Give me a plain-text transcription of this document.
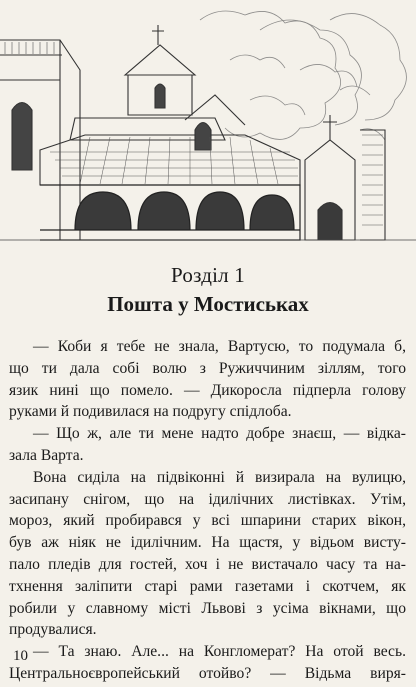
Розділ 1
Пошта у Мостиськах
— Коби я тебе не знала, Вартусю, то подумала б,
що ти дала собі волю з Ружиччиним зіллям, того
язик нині що помело. — Дикоросла підперла голову
руками й подивилася на подругу спідлоба.
— Що ж, але ти мене надто добре знаєш, — відка-
зала Варта.
Вона сиділа на підвіконні й визирала на вулицю,
засипану снігом, що на ідилічних листівках. Утім,
мороз, який пробирався у всі шпарини старих вікон,
був аж ніяк не ідилічним. На щастя, у відьом висту-
пало пледів для гостей, хоч і не вистачало часу та на-
тхнення заліпити старі рами газетами і скотчем, як
робили у славному місті Львові з усіма вікнами, що
продувалися.
— Та знаю. Але... на Конгломерат? На отой весь.
Центральноєвропейський отойво? — Відьма виря-
10
